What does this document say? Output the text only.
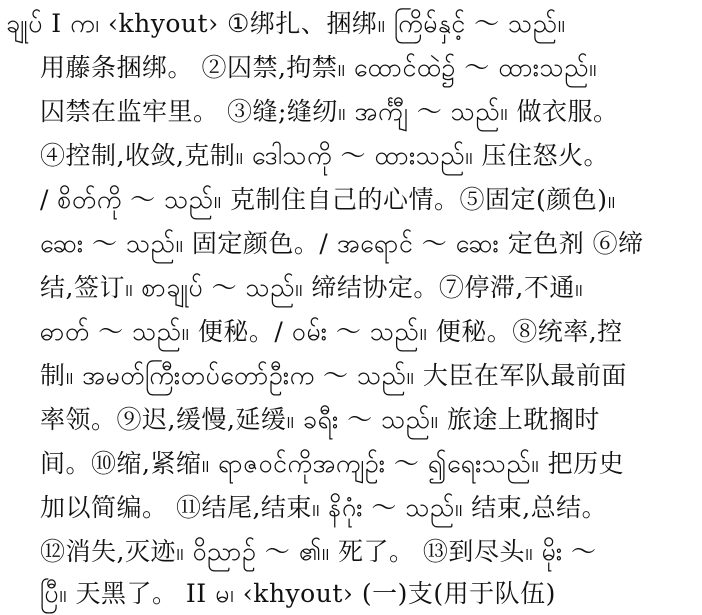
ချုပ် I က၊ ‹khyout› ①绑扎、捆绑။ ကြိမ်နှင့် ～ သည်။
用藤条捆绑。 ②囚禁,拘禁။ ထောင်ထဲ၌ ～ ထားသည်။
囚禁在监牢里。 ③缝;缝纫။ အင်္ကျီ ～ သည်။ 做衣服。
④控制,收敛,克制။ ဒေါသကို ～ ထားသည်။ 压住怒火。
/ စိတ်ကို ～ သည်။ 克制住自己的心情。⑤固定(颜色)။
ဆေး ～ သည်။ 固定颜色。/ အရောင် ～ ဆေး 定色剂 ⑥缔
结,签订။ စာချုပ် ～ သည်။ 缔结协定。⑦停滞,不通။
ဓာတ် ～ သည်။ 便秘。/ ဝမ်း ～ သည်။ 便秘。⑧统率,控
制။ အမတ်ကြီးတပ်တော်ဦးက ～ သည်။ 大臣在军队最前面
率领。⑨迟,缓慢,延缓။ ခရီး ～ သည်။ 旅途上耽搁时
间。⑩缩,紧缩။ ရာဇဝင်ကိုအကျဉ်း ～ ၍ရေးသည်။ 把历史
加以简编。 ⑪结尾,结束။ နိဂုံး ～ သည်။ 结束,总结。
⑫消失,灭迹။ ဝိညာဉ် ～ ၏။ 死了。 ⑬到尽头။ မိုး ～
ပြီ။ 天黑了。 II မ၊ ‹khyout› (一)支(用于队伍)
